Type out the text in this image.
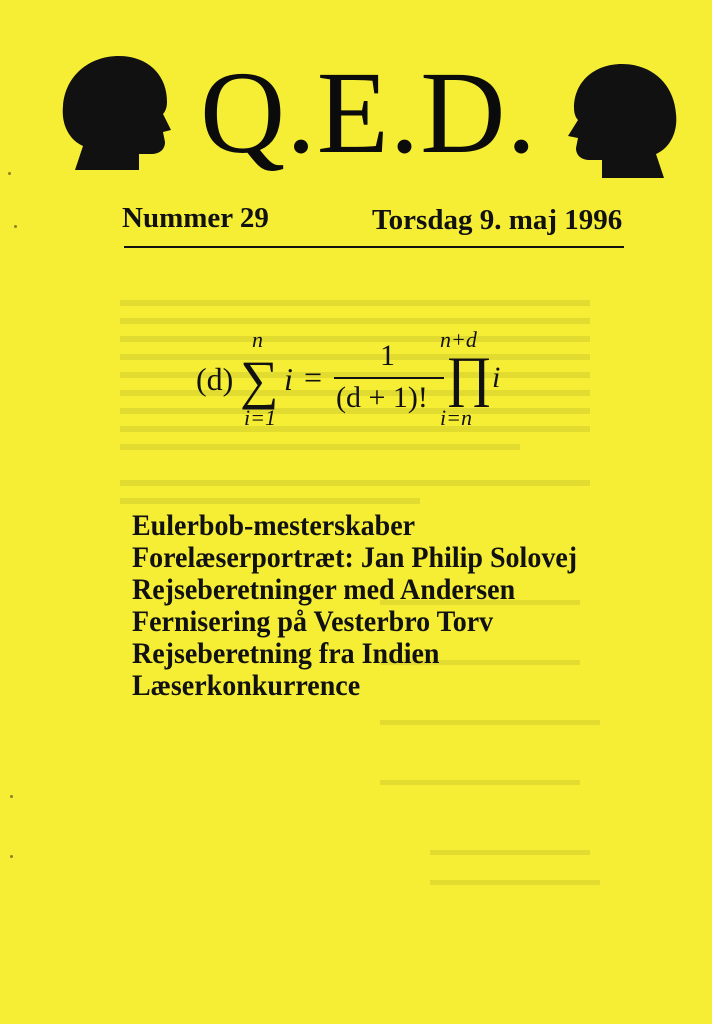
Q.E.D.
Nummer 29	Torsdag 9. maj 1996
(d)
n
∑
i=1
i =
1
(d + 1)!
n+d
∏
i=n
i
Eulerbob-mesterskaber
Forelæserportræt: Jan Philip Solovej
Rejseberetninger med Andersen
Fernisering på Vesterbro Torv
Rejseberetning fra Indien
Læserkonkurrence
